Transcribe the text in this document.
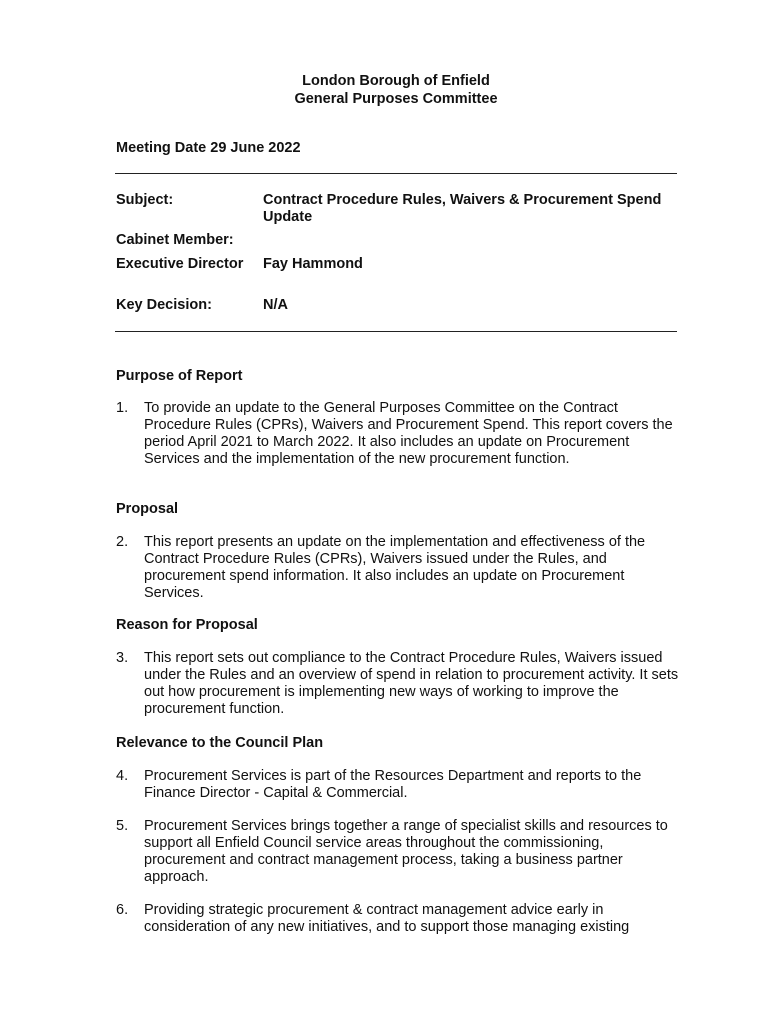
London Borough of Enfield
General Purposes Committee
Meeting Date 29 June 2022
Subject:	Contract Procedure Rules, Waivers & Procurement Spend Update
Cabinet Member:
Executive Director Fay Hammond
Key Decision:	N/A
Purpose of Report
1. To provide an update to the General Purposes Committee on the Contract Procedure Rules (CPRs), Waivers and Procurement Spend. This report covers the period April 2021 to March 2022. It also includes an update on Procurement Services and the implementation of the new procurement function.
Proposal
2. This report presents an update on the implementation and effectiveness of the Contract Procedure Rules (CPRs), Waivers issued under the Rules, and procurement spend information. It also includes an update on Procurement Services.
Reason for Proposal
3. This report sets out compliance to the Contract Procedure Rules, Waivers issued under the Rules and an overview of spend in relation to procurement activity. It sets out how procurement is implementing new ways of working to improve the procurement function.
Relevance to the Council Plan
4. Procurement Services is part of the Resources Department and reports to the Finance Director - Capital & Commercial.
5. Procurement Services brings together a range of specialist skills and resources to support all Enfield Council service areas throughout the commissioning, procurement and contract management process, taking a business partner approach.
6. Providing strategic procurement & contract management advice early in consideration of any new initiatives, and to support those managing existing
